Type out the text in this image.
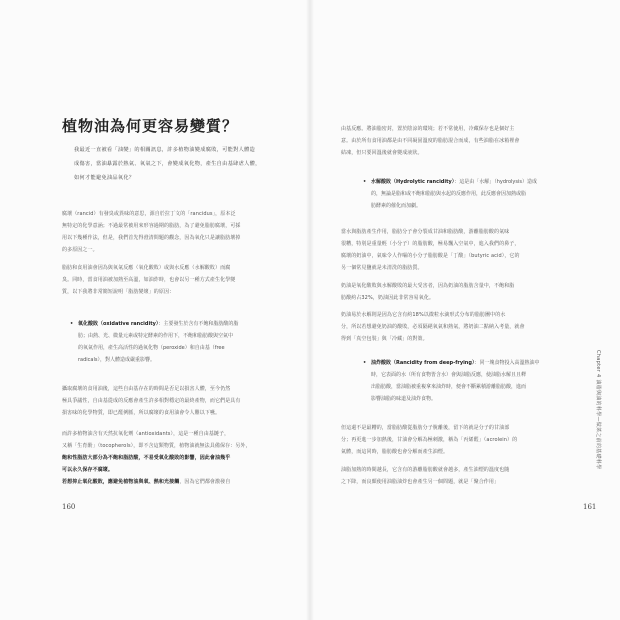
植物油為何更容易變質？
我最近一直被看「油變」的相關訊息，許多植物油變成腐敗，可能對人體造
成傷害，當油暴露於熱氣、氧氣之下，會變成氧化物，產生自由基肆虐人體，
如何才能避免油品氧化？
腐壞（rancid）有發臭或異味的意思，源自於拉丁文的「rancidus」，原本泛
無特定的化學意涵；不過最常被用來形容過期的脂肪，為了避免脂肪腐壞，可採
用以下幾種作法，但是，我們首先得澄清問題的觀念，因為氧化只是讓脂肪壞掉
的多原因之一。
脂肪和食用油會因為與氧氣反應（氧化酸敗）或與水反應（水解酸敗）而腐
臭。同時，當食用油被加熱至高溫，如油炸時，也會以另一種方式產生化學變
質，以下我將非常簡短說明「脂肪變壞」的原因：
• 氧化酸敗（oxidative rancidity）：主要發生於含有不飽和脂肪酸的脂
肪；由熱、光、微量元素或特定酵素的作用下，不飽和脂肪酸與空氣中
的氧氣作用，產生高活性的過氧化物（peroxide）和自由基（free
radicals），對人體造成嚴重影響。
攝取腐壞的食用油後，這些自由基存在的時間是否足以損害人體，至今仍然
極具爭議性，自由基從成的反應會產生許多相對穩定的最終產物，而它們是具有
損害味的化學物質，即已醛例脈，所以腐壞的食用油會令人難以下嚥。
而許多植物油含有天然抗氧化劑（antioxidants），這是一種自由基鏈子，
又稱「生育酚」（tocopherols），即不含這類物質，植物油就無法具備保存：另外，
飽和性脂肪大部分為不飽和脂肪酸，不易受氧化酸敗的影響，因此會油幾乎
可以永久保存不腐壞。
若想抑止氧化酸敗，應避免植物油與氧、熱和光接觸，因為它們都會激發自
160
由基反應。將油脂密封，置於陰涼的環境；若不常使用，冷藏保存也是個好主
意。由於所有食用油都是由不同凝固溫度的脂肪混合而成，有些油脂在冰箱裡會
結凍，但只要回溫後就會變成液狀。
• 水解酸敗（Hydrolytic rancidity）：這是由「水解」（hydrolysis）造成
的，無論是脂和或不飽和脂肪與水起的反應作用，此反應會因加熱或脂
肪酵素的催化而加劇。
當水與脂肪產生作用，脂肪分子會分裂成甘油和脂肪酸，游離脂肪酸的氣味
很糟，特別是重量輕（小分子）的脂肪酸，極易飄入空氣中，進入我們的鼻子，
腐壞的奶油中，氣味令人作嘔的小分子脂肪酸是「丁酸」（butyric acid），它的
另一個常見鹽就是未清洗的脂肪質。
奶油是氧化酸敗與水解酸敗的最大受害者，因為奶油的脂肪含量中，不飽和脂
肪酸約占32%，奶油因此非常容易氧化。
奶油易於水解則是因為它含有約18%以微粒水滴形式分布的脂肪團中的水
分，所以若想避免奶油的酸敗，必須隔絕氧氣和熱氣，將奶油二點納入考量，就會
得到「真空包裝」與「冷藏」的對策。
• 油炸酸敗（Rancidity from deep-frying）：同一塊食物投入高溫熱油中
時，它表面的水（所有食物皆含水）會與油脂反應，使油脂水解且且釋
出脂肪酸，當油脂被重複拿來油炸時，便會不斷累積游離脂肪酸，進而
影響油脂的味道及油炸食物。
但這還不是最糟的，當脂肪酸從脂肪分子脫離後，留下的就是分子的甘油部
分；再更進一步加熱後，甘油會分解為極刺激，稱為「丙烯醛」（acrolein）的
氣體，而這同時，脂肪酸也會分解而產生油煙。
油脂加熱的時間越長，它含有的游離脂肪酸就會越多，產生油煙的溫度也隨
之下降，而良頗使用油脂油炸也會產生另一個問題，就是「聚合作用」
Chapter 4 油脂與油的科學—做菜之前的基礎科學
161
